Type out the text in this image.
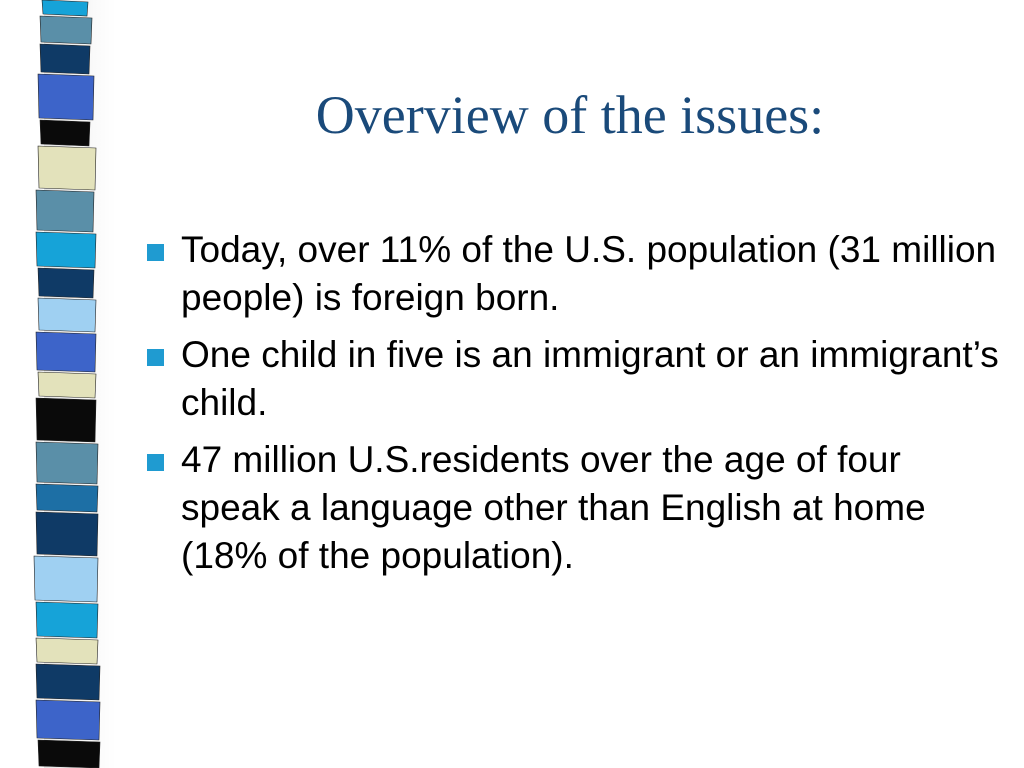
Overview of the issues:
Today, over 11% of the U.S. population (31 million people) is foreign born.
One child in five is an immigrant or an immigrant’s child.
47 million U.S.residents over the age of four speak a language other than English at home (18% of the population).
